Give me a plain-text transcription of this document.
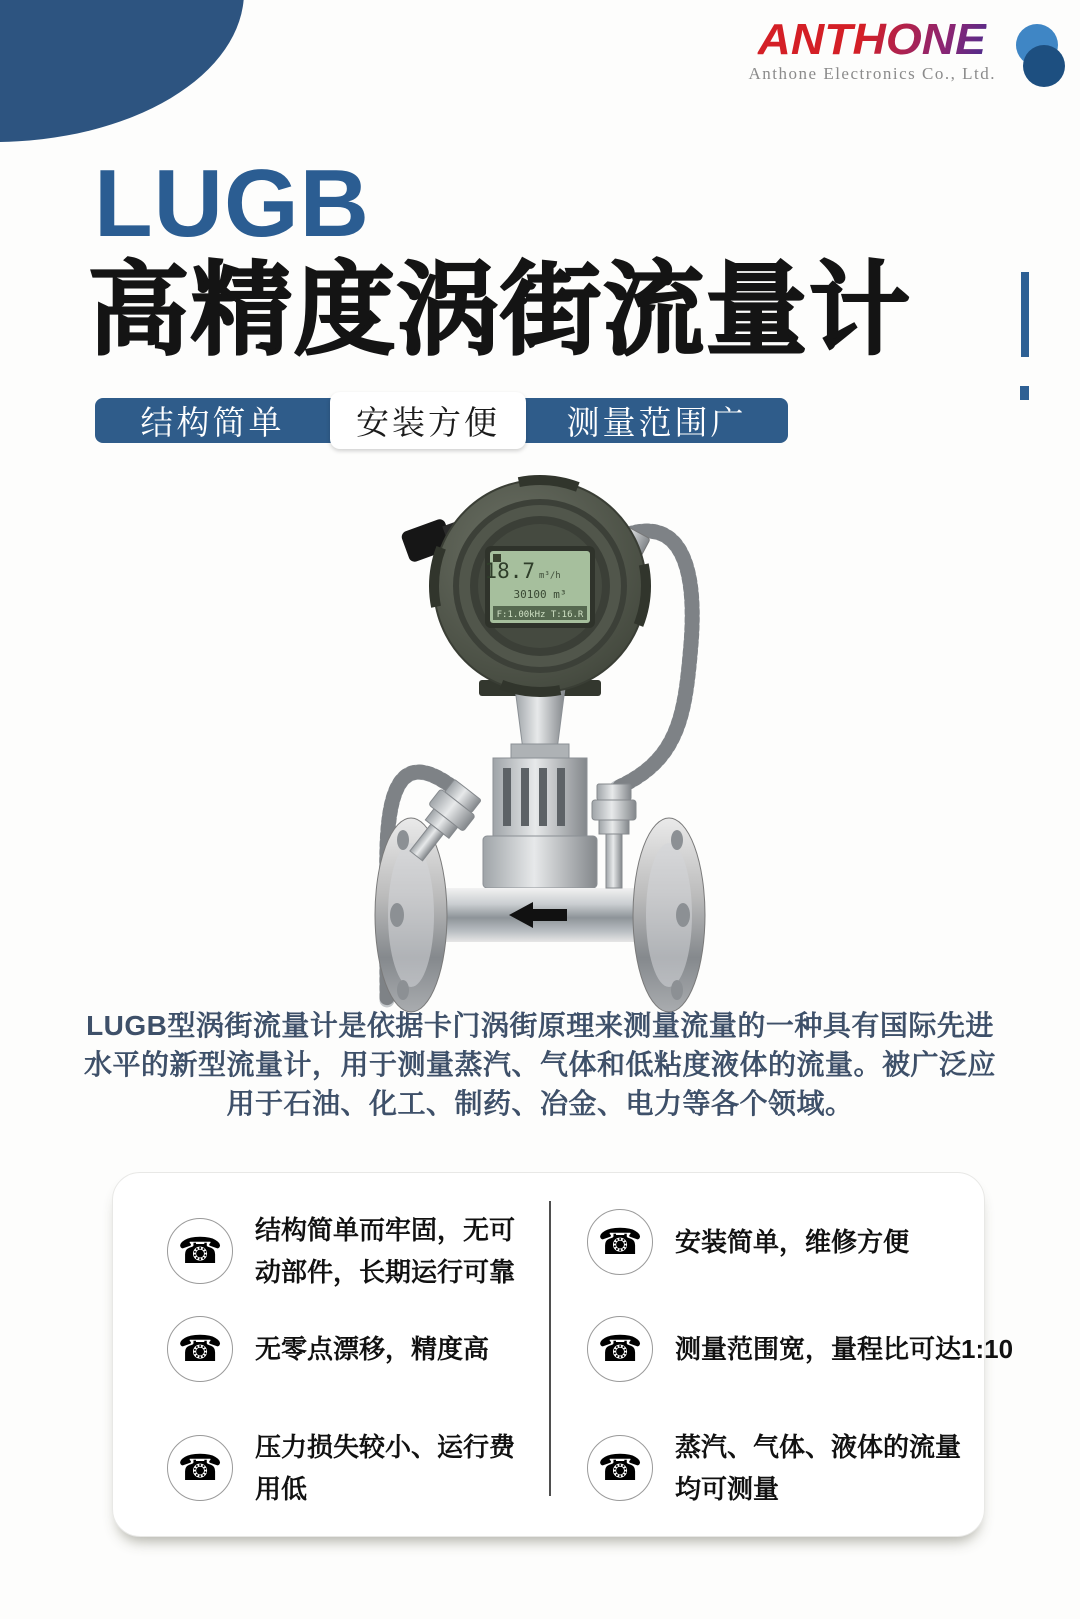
ANTHONE
Anthone Electronics Co., Ltd.
LUGB
高精度涡街流量计
结构简单	安装方便	测量范围广
18.7 m³/h
30100 m³
F:1.00kHz T:16.R
LUGB型涡街流量计是依据卡门涡街原理来测量流量的一种具有国际先进
水平的新型流量计，用于测量蒸汽、气体和低粘度液体的流量。被广泛应
用于石油、化工、制药、冶金、电力等各个领域。
☎	结构简单而牢固，无可动部件，长期运行可靠
☎	无零点漂移，精度高
☎	压力损失较小、运行费用低
☎	安装简单，维修方便
☎	测量范围宽，量程比可达1:10
☎	蒸汽、气体、液体的流量均可测量
